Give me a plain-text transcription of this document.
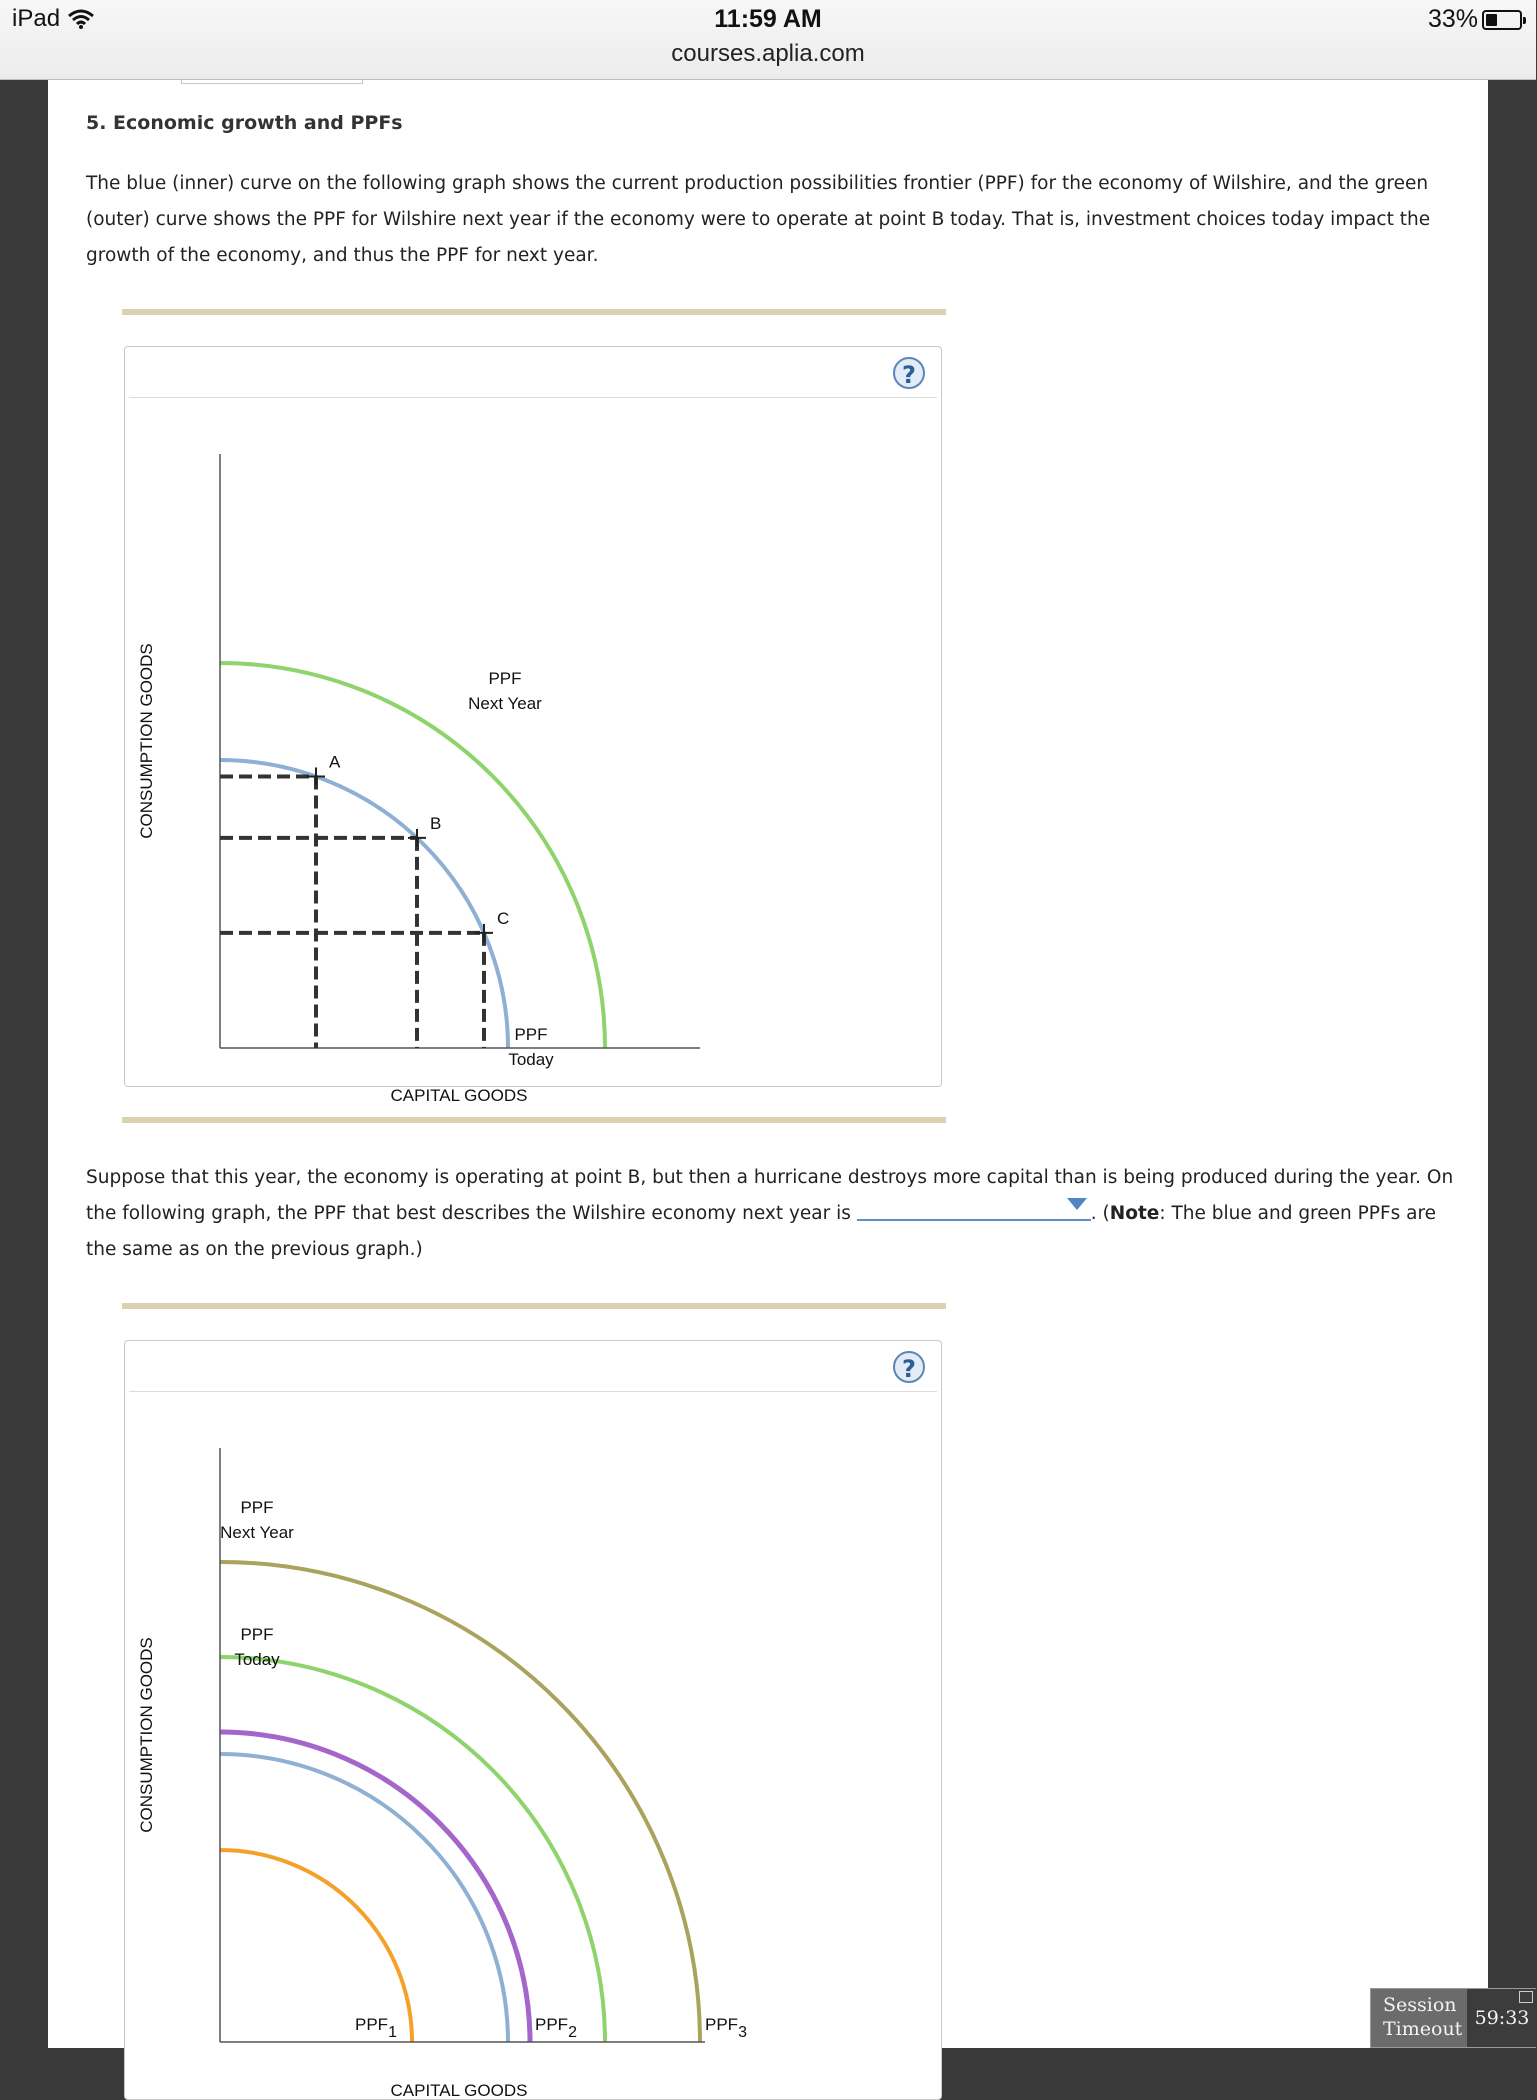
iPad	11:59 AM
courses.aplia.com
33%
5. Economic growth and PPFs
The blue (inner) curve on the following graph shows the current production possibilities frontier (PPF) for the economy of Wilshire, and the green (outer) curve shows the PPF for Wilshire next year if the economy were to operate at point B today. That is, investment choices today impact the growth of the economy, and thus the PPF for next year.
?
A
B
C
PPF
Next Year
PPF
Today
CONSUMPTION GOODS
CAPITAL GOODS
Suppose that this year, the economy is operating at point B, but then a hurricane destroys more capital than is being produced during the year. On the following graph, the PPF that best describes the Wilshire economy next year is	. (Note: The blue and green PPFs are the same as on the previous graph.)
?
PPF
Next Year
PPF
Today
PPF1	PPF2	PPF3
CONSUMPTION GOODS
CAPITAL GOODS
Session
Timeout 59:33
